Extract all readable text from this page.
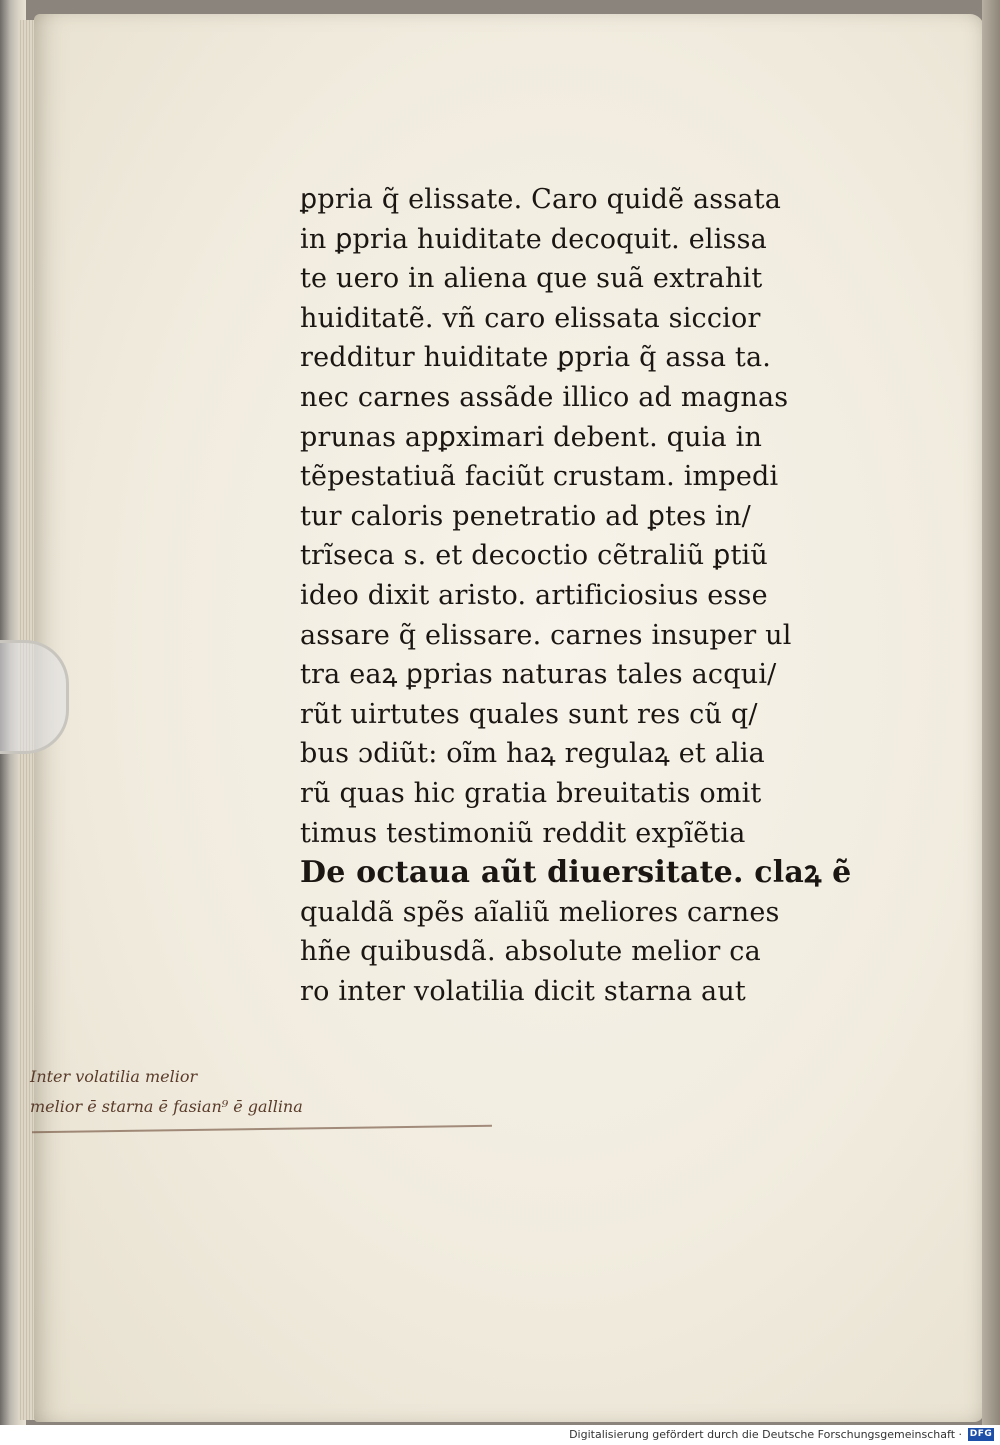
ꝑpria q̃ elissate. Caro quidẽ assata
in ꝑpria huiditate decoquit. elissa
te uero in aliena que suã extrahit
huiditatẽ. vñ caro elissata siccior
redditur huiditate ꝑpria q̃ assa ta.
nec carnes assãde illico ad magnas
prunas apꝑximari debent. quia in
tẽpestatiuã faciũt crustam. impedi
tur caloris penetratio ad ꝑtes in/
trĩseca s. et decoctio cẽtraliũ ꝑtiũ
ideo dixit aristo. artificiosius esse
assare q̃ elissare. carnes insuper ul
tra eaꝝ ꝑprias naturas tales acqui/
rũt uirtutes quales sunt res cũ q/
bus ɔdiũt: oĩm haꝝ regulaꝝ et alia
rũ quas hic gratia breuitatis omit
timus testimoniũ reddit expĩẽtia
De octaua aũt diuersitate. claꝝ ẽ
qualdã spẽs aĩaliũ meliores carnes
hñe quibusdã. absolute melior ca
ro inter volatilia dicit starna aut
Inter volatilia melior
melior ē starna ē fasian⁹ ē gallina
Digitalisierung gefördert durch die Deutsche Forschungsgemeinschaft · DFG
